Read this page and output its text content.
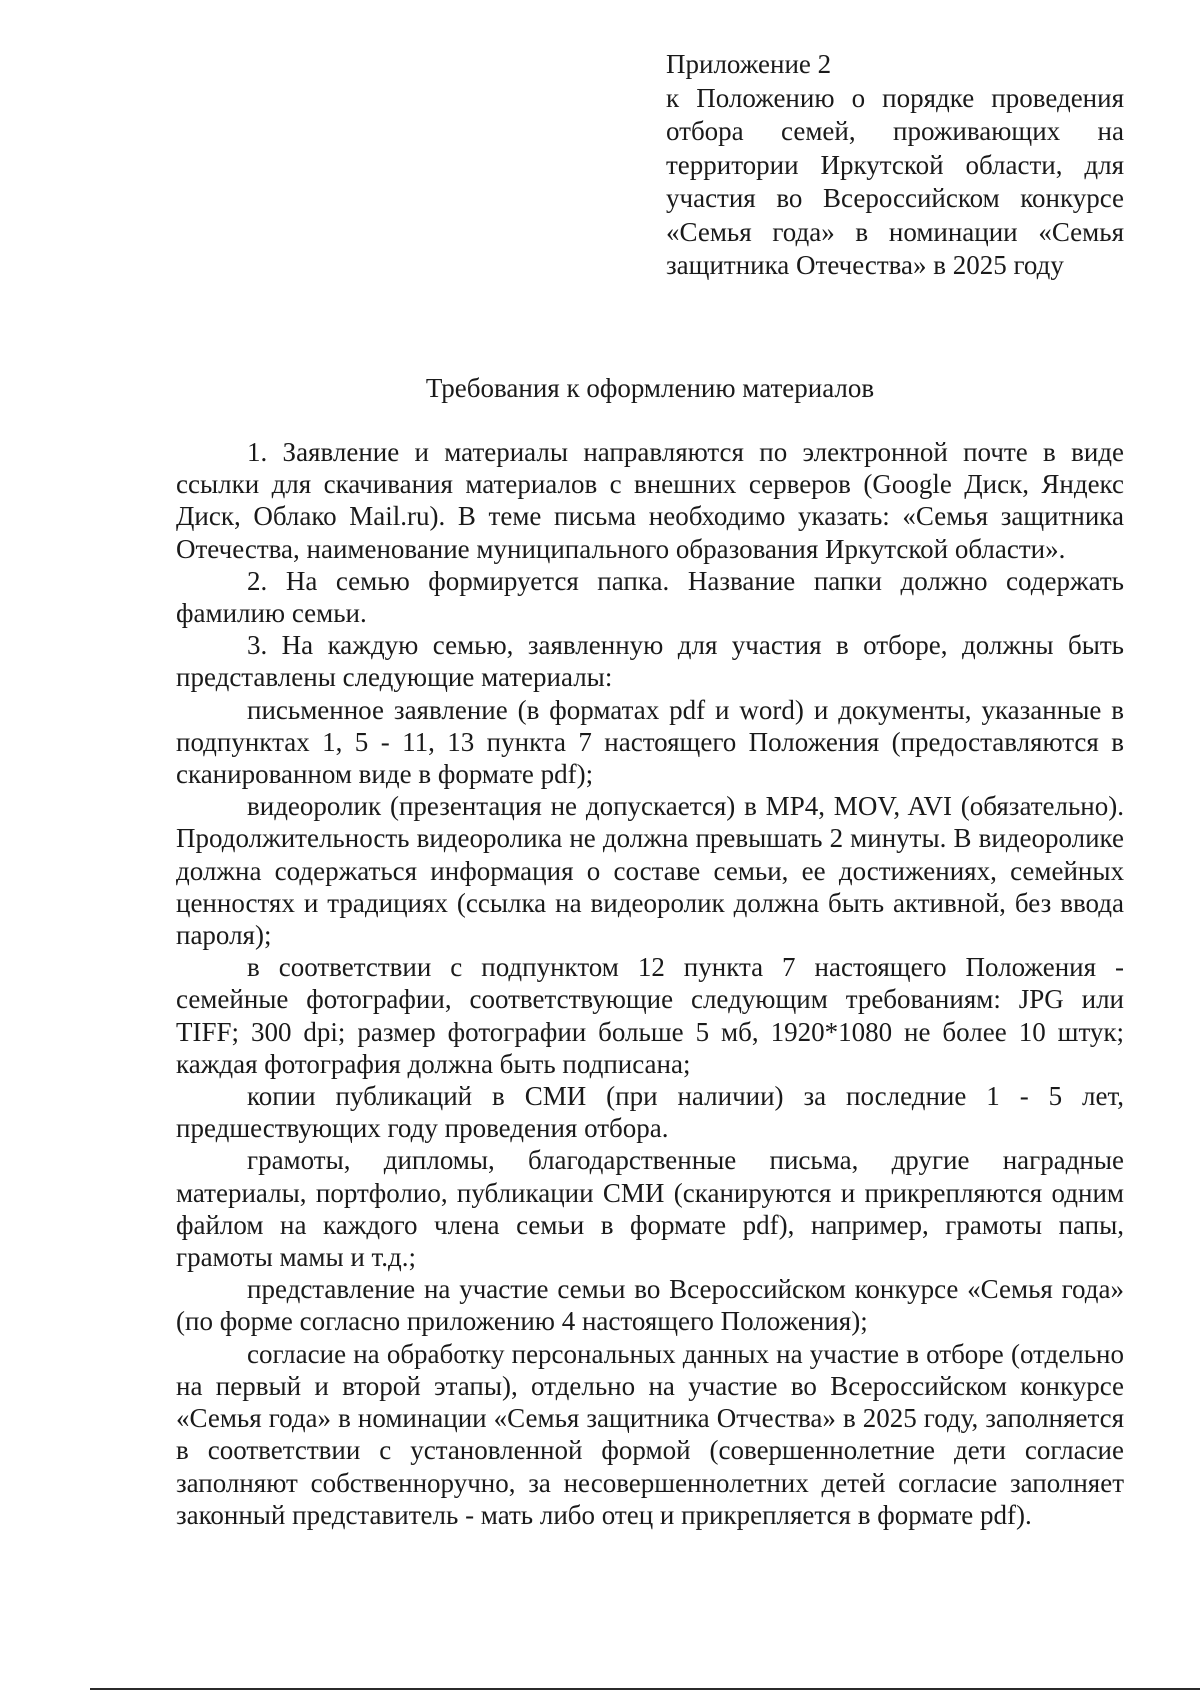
Приложение 2

к Положению о порядке проведения отбора семей, проживающих на территории Иркутской области, для участия во Всероссийском конкурсе «Семья года» в номинации «Семья защитника Отечества» в 2025 году

Требования к оформлению материалов

1. Заявление и материалы направляются по электронной почте в виде ссылки для скачивания материалов с внешних серверов (Google Диск, Яндекс Диск, Облако Mail.ru). В теме письма необходимо указать: «Семья защитника Отечества, наименование муниципального образования Иркутской области».

2. На семью формируется папка. Название папки должно содержать фамилию семьи.

3. На каждую семью, заявленную для участия в отборе, должны быть представлены следующие материалы:

письменное заявление (в форматах pdf и word) и документы, указанные в подпунктах 1, 5 - 11, 13 пункта 7 настоящего Положения (предоставляются в сканированном виде в формате pdf);

видеоролик (презентация не допускается) в MP4, MOV, AVI (обязательно). Продолжительность видеоролика не должна превышать 2 минуты. В видеоролике должна содержаться информация о составе семьи, ее достижениях, семейных ценностях и традициях (ссылка на видеоролик должна быть активной, без ввода пароля);

в соответствии с подпунктом 12 пункта 7 настоящего Положения - семейные фотографии, соответствующие следующим требованиям: JPG или TIFF; 300 dpi; размер фотографии больше 5 мб, 1920*1080 не более 10 штук; каждая фотография должна быть подписана;

копии публикаций в СМИ (при наличии) за последние 1 - 5 лет, предшествующих году проведения отбора.

грамоты, дипломы, благодарственные письма, другие наградные материалы, портфолио, публикации СМИ (сканируются и прикрепляются одним файлом на каждого члена семьи в формате pdf), например, грамоты папы, грамоты мамы и т.д.;

представление на участие семьи во Всероссийском конкурсе «Семья года» (по форме согласно приложению 4 настоящего Положения);

согласие на обработку персональных данных на участие в отборе (отдельно на первый и второй этапы), отдельно на участие во Всероссийском конкурсе «Семья года» в номинации «Семья защитника Отчества» в 2025 году, заполняется в соответствии с установленной формой (совершеннолетние дети согласие заполняют собственноручно, за несовершеннолетних детей согласие заполняет законный представитель - мать либо отец и прикрепляется в формате pdf).
